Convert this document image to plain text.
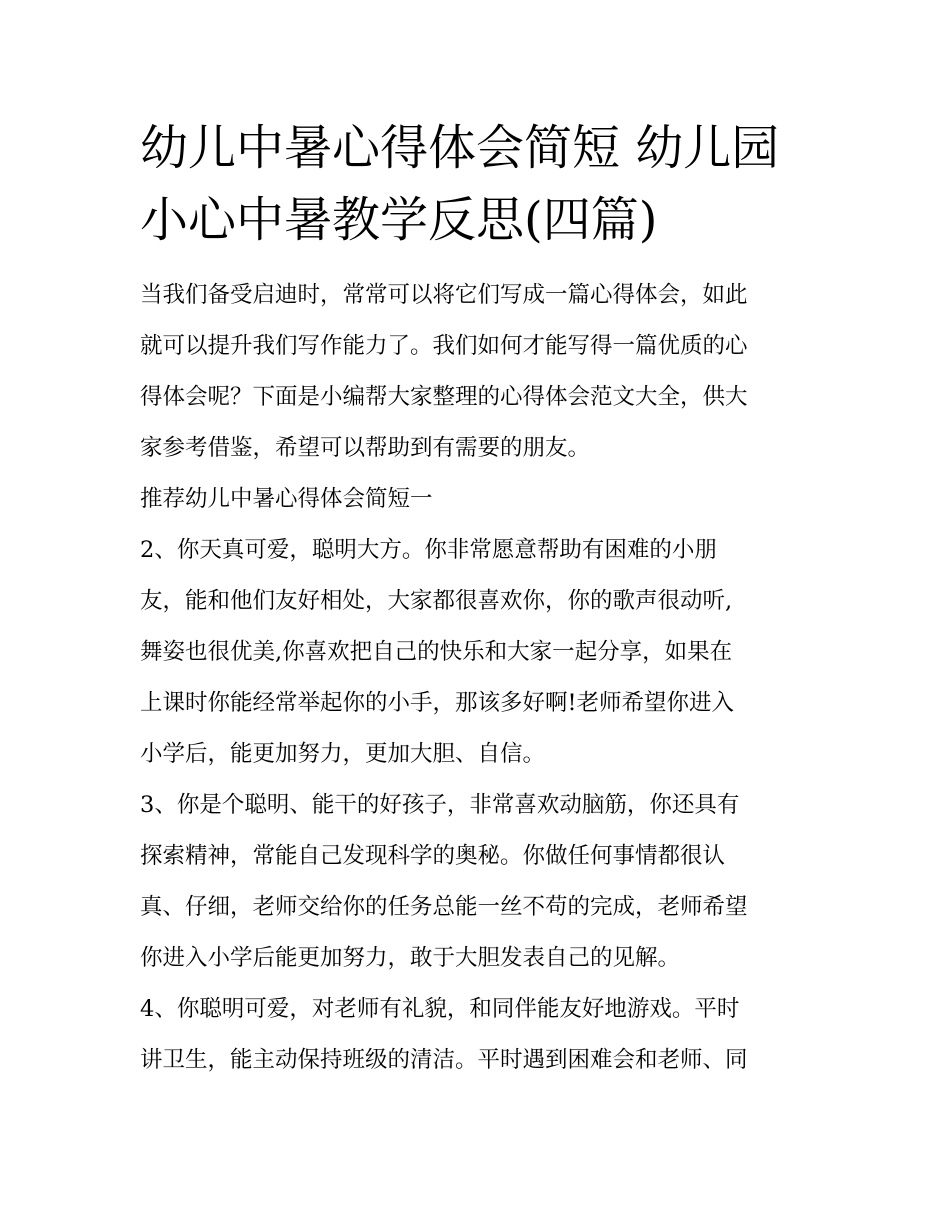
幼儿中暑心得体会简短 幼儿园
小心中暑教学反思(四篇)

当我们备受启迪时，常常可以将它们写成一篇心得体会，如此
就可以提升我们写作能力了。我们如何才能写得一篇优质的心
得体会呢？下面是小编帮大家整理的心得体会范文大全，供大
家参考借鉴，希望可以帮助到有需要的朋友。

推荐幼儿中暑心得体会简短一

2、你天真可爱，聪明大方。你非常愿意帮助有困难的小朋
友，能和他们友好相处，大家都很喜欢你，你的歌声很动听,
舞姿也很优美,你喜欢把自己的快乐和大家一起分享，如果在
上课时你能经常举起你的小手，那该多好啊!老师希望你进入
小学后，能更加努力，更加大胆、自信。

3、你是个聪明、能干的好孩子，非常喜欢动脑筋，你还具有
探索精神，常能自己发现科学的奥秘。你做任何事情都很认
真、仔细，老师交给你的任务总能一丝不苟的完成，老师希望
你进入小学后能更加努力，敢于大胆发表自己的见解。

4、你聪明可爱，对老师有礼貌，和同伴能友好地游戏。平时
讲卫生，能主动保持班级的清洁。平时遇到困难会和老师、同
